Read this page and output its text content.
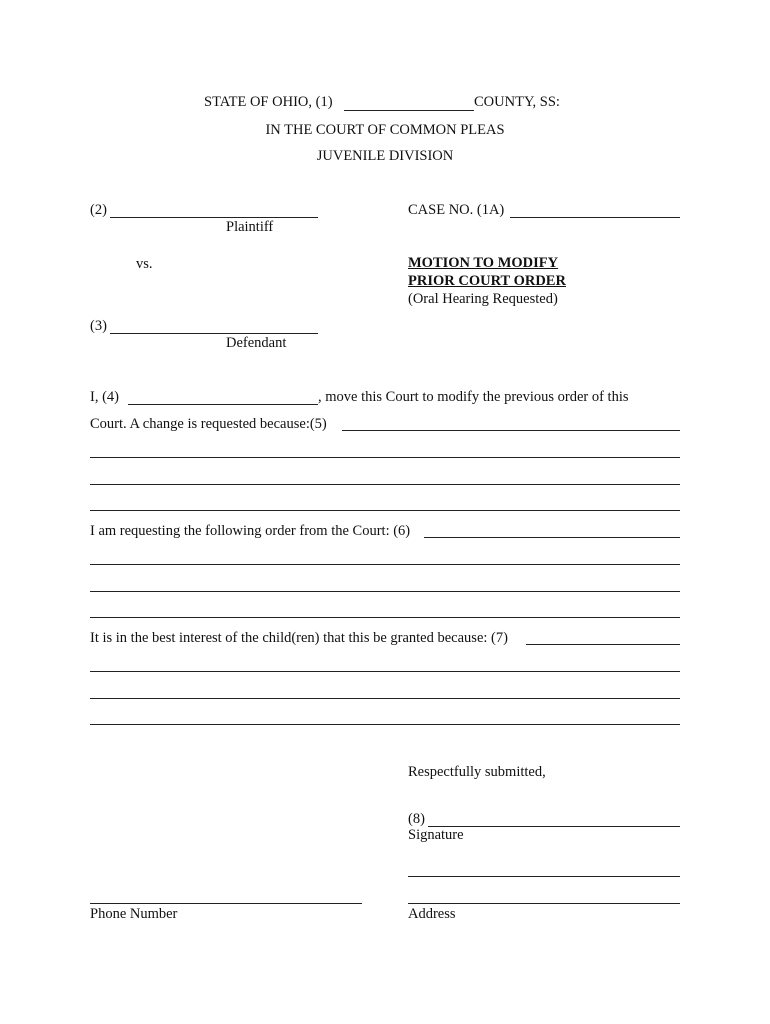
STATE OF OHIO, (1)	COUNTY, SS:
IN THE COURT OF COMMON PLEAS
JUVENILE DIVISION
(2)
Plaintiff
vs.
(3)
Defendant
CASE NO. (1A)
MOTION TO MODIFY
PRIOR COURT ORDER
(Oral Hearing Requested)
I, (4)	, move this Court to modify the previous order of this
Court. A change is requested because:(5)
I am requesting the following order from the Court: (6)
It is in the best interest of the child(ren) that this be granted because: (7)
Respectfully submitted,
(8)
Signature
Phone Number	Address
